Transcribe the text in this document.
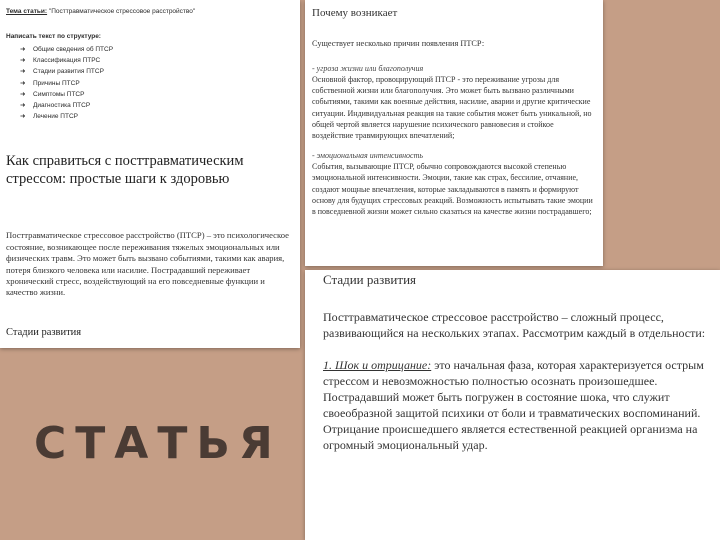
Тема статьи: "Посттравматическое стрессовое расстройство"
Написать текст по структуре:
➜ Общие сведения об ПТСР
➜ Классификация ПТРС
➜ Стадии развития ПТСР
➜ Причины ПТСР
➜ Симптомы ПТСР
➜ Диагностика ПТСР
➜ Лечение ПТСР
Как справиться с посттравматическим стрессом: простые шаги к здоровью
Посттравматическое стрессовое расстройство (ПТСР) – это психологическое состояние, возникающее после переживания тяжелых эмоциональных или физических травм. Это может быть вызвано событиями, такими как авария, потеря близкого человека или насилие. Пострадавший переживает хронический стресс, воздействующий на его повседневные функции и качество жизни.
Стадии развития
Почему возникает
Существует несколько причин появления ПТСР:
- угроза жизни или благополучия
Основной фактор, провоцирующий ПТСР - это переживание угрозы для собственной жизни или благополучия. Это может быть вызвано различными событиями, такими как военные действия, насилие, аварии и другие критические ситуации. Индивидуальная реакция на такие события может быть уникальной, но общей чертой является нарушение психического равновесия и стойкое воздействие травмирующих впечатлений;
- эмоциональная интенсивность
События, вызывающие ПТСР, обычно сопровождаются высокой степенью эмоциональной интенсивности. Эмоции, такие как страх, бессилие, отчаяние, создают мощные впечатления, которые закладываются в память и формируют основу для будущих стрессовых реакций. Возможность испытывать такие эмоции в повседневной жизни может сильно сказаться на качестве жизни пострадавшего;
Стадии развития
Посттравматическое стрессовое расстройство – сложный процесс, развивающийся на нескольких этапах. Рассмотрим каждый в отдельности:
1. Шок и отрицание: это начальная фаза, которая характеризуется острым стрессом и невозможностью полностью осознать произошедшее. Пострадавший может быть погружен в состояние шока, что служит своеобразной защитой психики от боли и травматических воспоминаний. Отрицание происшедшего является естественной реакцией организма на огромный эмоциональный удар.
СТАТЬЯ
Avito
